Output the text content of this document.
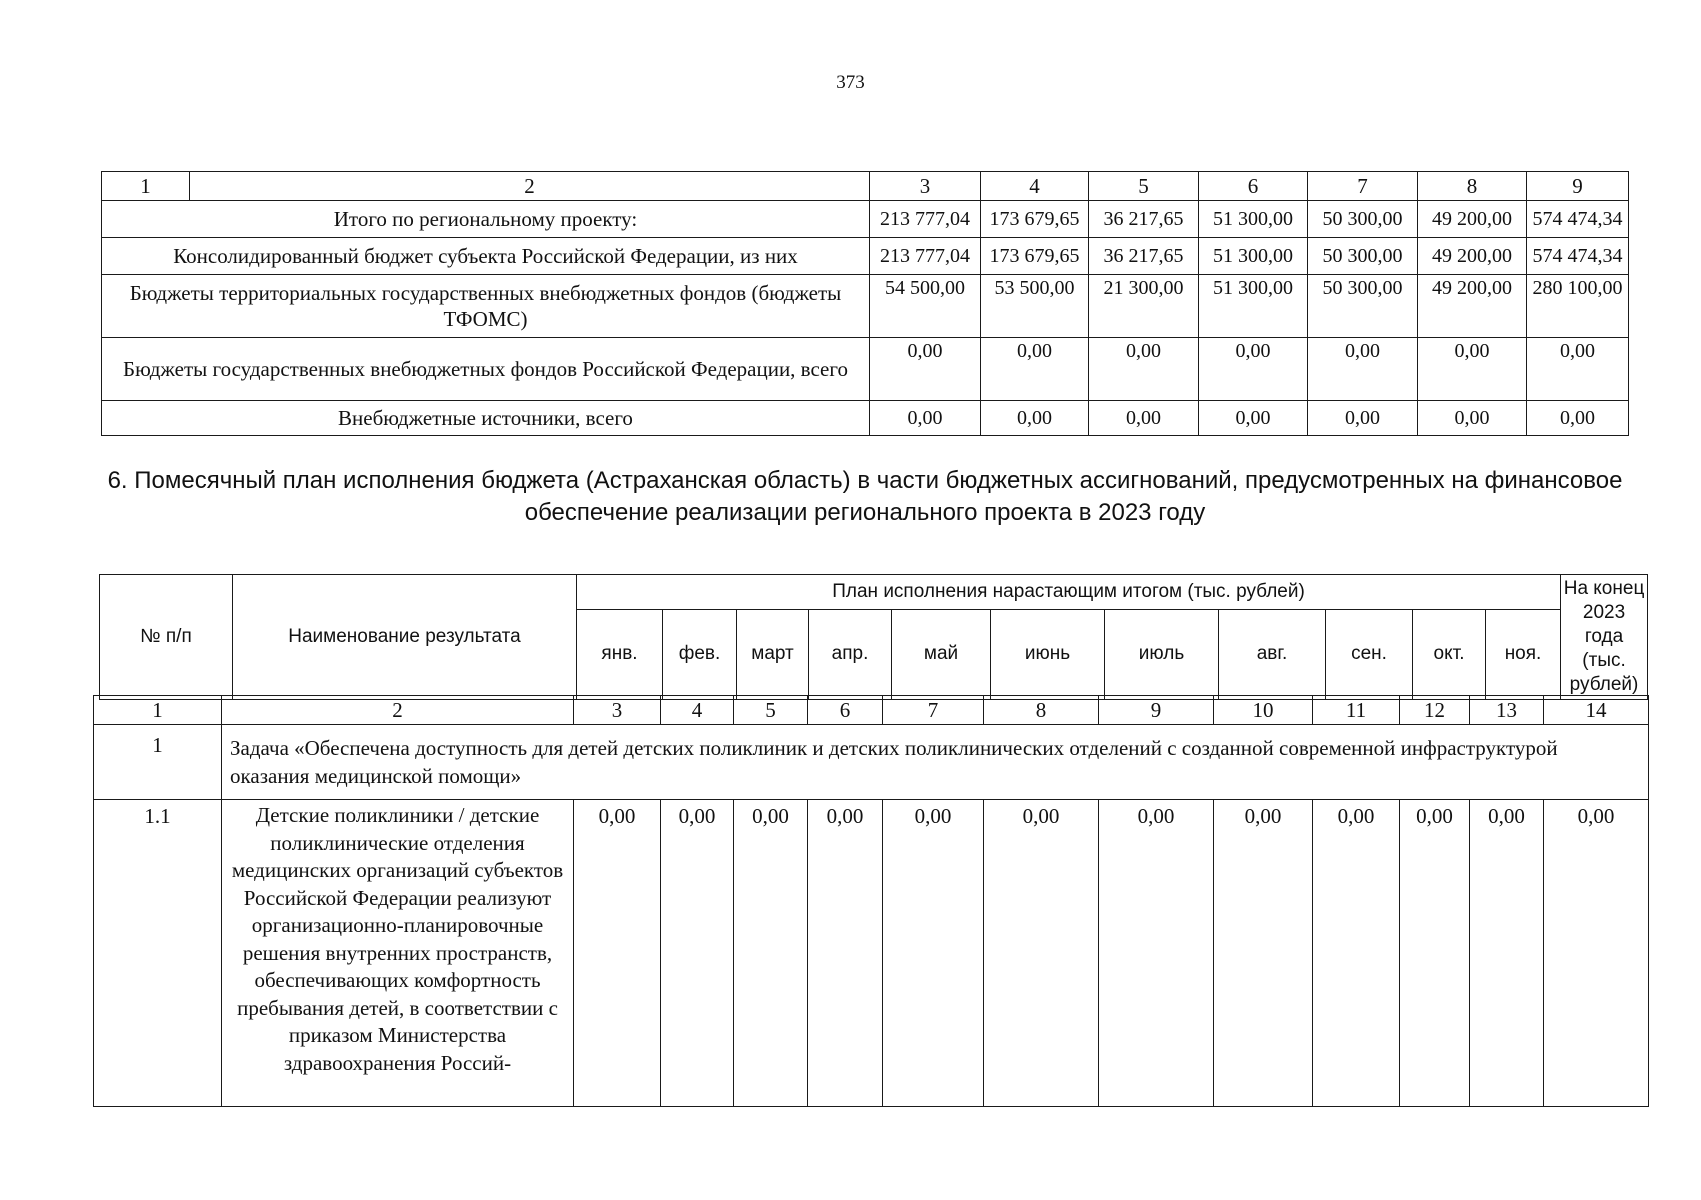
373
1	2	3	4	5	6	7	8	9
Итого по региональному проекту:		213 777,04	173 679,65	36 217,65	51 300,00	50 300,00	49 200,00	574 474,34
Консолидированный бюджет субъекта Российской Федерации, из них		213 777,04	173 679,65	36 217,65	51 300,00	50 300,00	49 200,00	574 474,34
Бюджеты территориальных государственных внебюджетных фондов (бюджеты ТФОМС)		54 500,00	53 500,00	21 300,00	51 300,00	50 300,00	49 200,00	280 100,00
Бюджеты государственных внебюджетных фондов Российской Федерации, всего		0,00	0,00	0,00	0,00	0,00	0,00	0,00
Внебюджетные источники, всего		0,00	0,00	0,00	0,00	0,00	0,00	0,00
6. Помесячный план исполнения бюджета (Астраханская область) в части бюджетных ассигнований, предусмотренных на финансовое обеспечение реализации регионального проекта в 2023 году
№ п/п	Наименование результата	План исполнения нарастающим итогом (тыс. рублей)											На конец 2023 года (тыс. рублей)
		янв.	фев.	март	апр.	май	июнь	июль	авг.	сен.	окт.	ноя.	
1	2	3	4	5	6	7	8	9	10	11	12	13	14
1	Задача «Обеспечена доступность для детей детских поликлиник и детских поликлинических отделений с созданной современной инфраструктурой оказания медицинской помощи»												
1.1	Детские поликлиники / детские поликлинические отделения медицинских организаций субъектов Российской Федерации реализуют организационно-планировочные решения внутренних пространств, обеспечивающих комфортность пребывания детей, в соответствии с приказом Министерства здравоохранения Россий-	0,00	0,00	0,00	0,00	0,00	0,00	0,00	0,00	0,00	0,00	0,00	0,00
